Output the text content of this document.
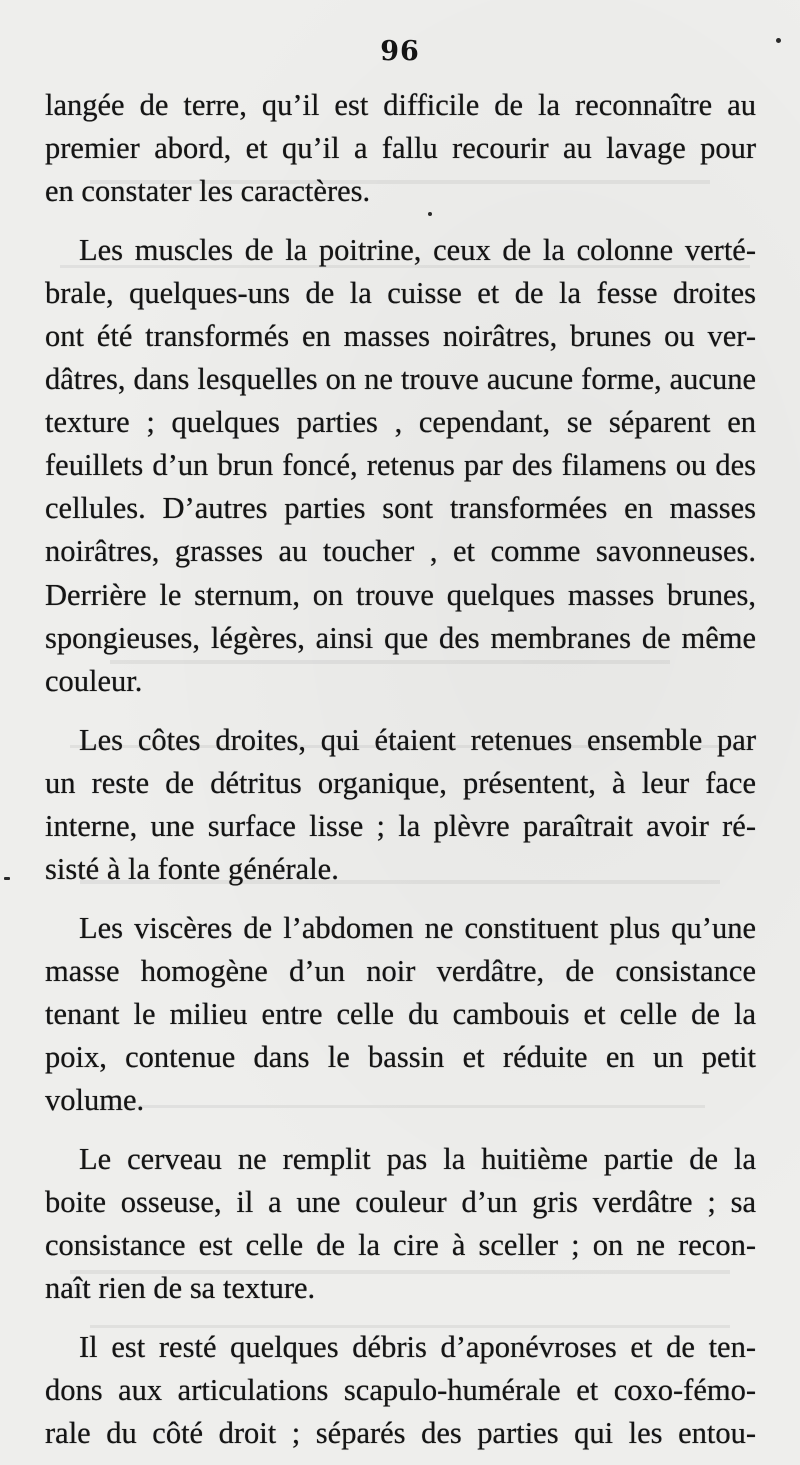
96
langée de terre, qu’il est difficile de la reconnaître au
premier abord, et qu’il a fallu recourir au lavage pour
en constater les caractères.
Les muscles de la poitrine, ceux de la colonne verté-
brale, quelques-uns de la cuisse et de la fesse droites
ont été transformés en masses noirâtres, brunes ou ver-
dâtres, dans lesquelles on ne trouve aucune forme, aucune
texture ; quelques parties , cependant, se séparent en
feuillets d’un brun foncé, retenus par des filamens ou des
cellules. D’autres parties sont transformées en masses
noirâtres, grasses au toucher , et comme savonneuses.
Derrière le sternum, on trouve quelques masses brunes,
spongieuses, légères, ainsi que des membranes de même
couleur.
Les côtes droites, qui étaient retenues ensemble par
un reste de détritus organique, présentent, à leur face
interne, une surface lisse ; la plèvre paraîtrait avoir ré-
sisté à la fonte générale.
Les viscères de l’abdomen ne constituent plus qu’une
masse homogène d’un noir verdâtre, de consistance
tenant le milieu entre celle du cambouis et celle de la
poix, contenue dans le bassin et réduite en un petit
volume.
Le cerveau ne remplit pas la huitième partie de la
boite osseuse, il a une couleur d’un gris verdâtre ; sa
consistance est celle de la cire à sceller ; on ne recon-
naît rien de sa texture.
Il est resté quelques débris d’aponévroses et de ten-
dons aux articulations scapulo-humérale et coxo-fémo-
rale du côté droit ; séparés des parties qui les entou-
